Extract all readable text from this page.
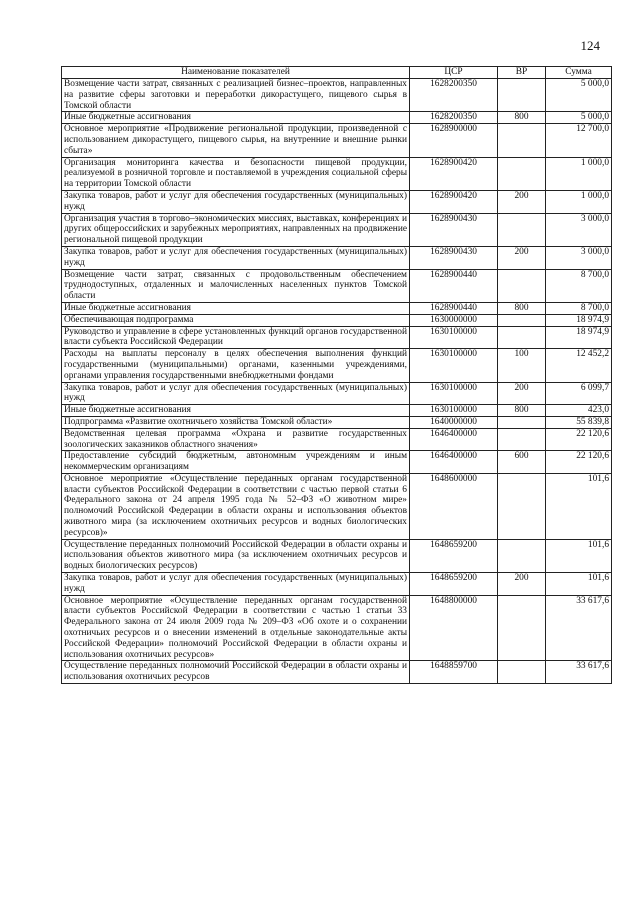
124
Наименование показателей	ЦСР	ВР	Сумма
Возмещение части затрат, связанных с реализацией бизнес–проектов, направленных на развитие сферы заготовки и переработки дикорастущего, пищевого сырья в Томской области	1628200350		5 000,0
Иные бюджетные ассигнования	1628200350	800	5 000,0
Основное мероприятие «Продвижение региональной продукции, произведенной с использованием дикорастущего, пищевого сырья, на внутренние и внешние рынки сбыта»	1628900000		12 700,0
Организация мониторинга качества и безопасности пищевой продукции, реализуемой в розничной торговле и поставляемой в учреждения социальной сферы на территории Томской области	1628900420		1 000,0
Закупка товаров, работ и услуг для обеспечения государственных (муниципальных) нужд	1628900420	200	1 000,0
Организация участия в торгово–экономических миссиях, выставках, конференциях и других общероссийских и зарубежных мероприятиях, направленных на продвижение региональной пищевой продукции	1628900430		3 000,0
Закупка товаров, работ и услуг для обеспечения государственных (муниципальных) нужд	1628900430	200	3 000,0
Возмещение части затрат, связанных с продовольственным обеспечением труднодоступных, отдаленных и малочисленных населенных пунктов Томской области	1628900440		8 700,0
Иные бюджетные ассигнования	1628900440	800	8 700,0
Обеспечивающая подпрограмма	1630000000		18 974,9
Руководство и управление в сфере установленных функций органов государственной власти субъекта Российской Федерации	1630100000		18 974,9
Расходы на выплаты персоналу в целях обеспечения выполнения функций государственными (муниципальными) органами, казенными учреждениями, органами управления государственными внебюджетными фондами	1630100000	100	12 452,2
Закупка товаров, работ и услуг для обеспечения государственных (муниципальных) нужд	1630100000	200	6 099,7
Иные бюджетные ассигнования	1630100000	800	423,0
Подпрограмма «Развитие охотничьего хозяйства Томской области»	1640000000		55 839,8
Ведомственная целевая программа «Охрана и развитие государственных зоологических заказников областного значения»	1646400000		22 120,6
Предоставление субсидий бюджетным, автономным учреждениям и иным некоммерческим организациям	1646400000	600	22 120,6
Основное мероприятие «Осуществление переданных органам государственной власти субъектов Российской Федерации в соответствии с частью первой статьи 6 Федерального закона от 24 апреля 1995 года № 52–ФЗ «О животном мире» полномочий Российской Федерации в области охраны и использования объектов животного мира (за исключением охотничьих ресурсов и водных биологических ресурсов)»	1648600000		101,6
Осуществление переданных полномочий Российской Федерации в области охраны и использования объектов животного мира (за исключением охотничьих ресурсов и водных биологических ресурсов)	1648659200		101,6
Закупка товаров, работ и услуг для обеспечения государственных (муниципальных) нужд	1648659200	200	101,6
Основное мероприятие «Осуществление переданных органам государственной власти субъектов Российской Федерации в соответствии с частью 1 статьи 33 Федерального закона от 24 июля 2009 года № 209–ФЗ «Об охоте и о сохранении охотничьих ресурсов и о внесении изменений в отдельные законодательные акты Российской Федерации» полномочий Российской Федерации в области охраны и использования охотничьих ресурсов»	1648800000		33 617,6
Осуществление переданных полномочий Российской Федерации в области охраны и использования охотничьих ресурсов	1648859700		33 617,6
